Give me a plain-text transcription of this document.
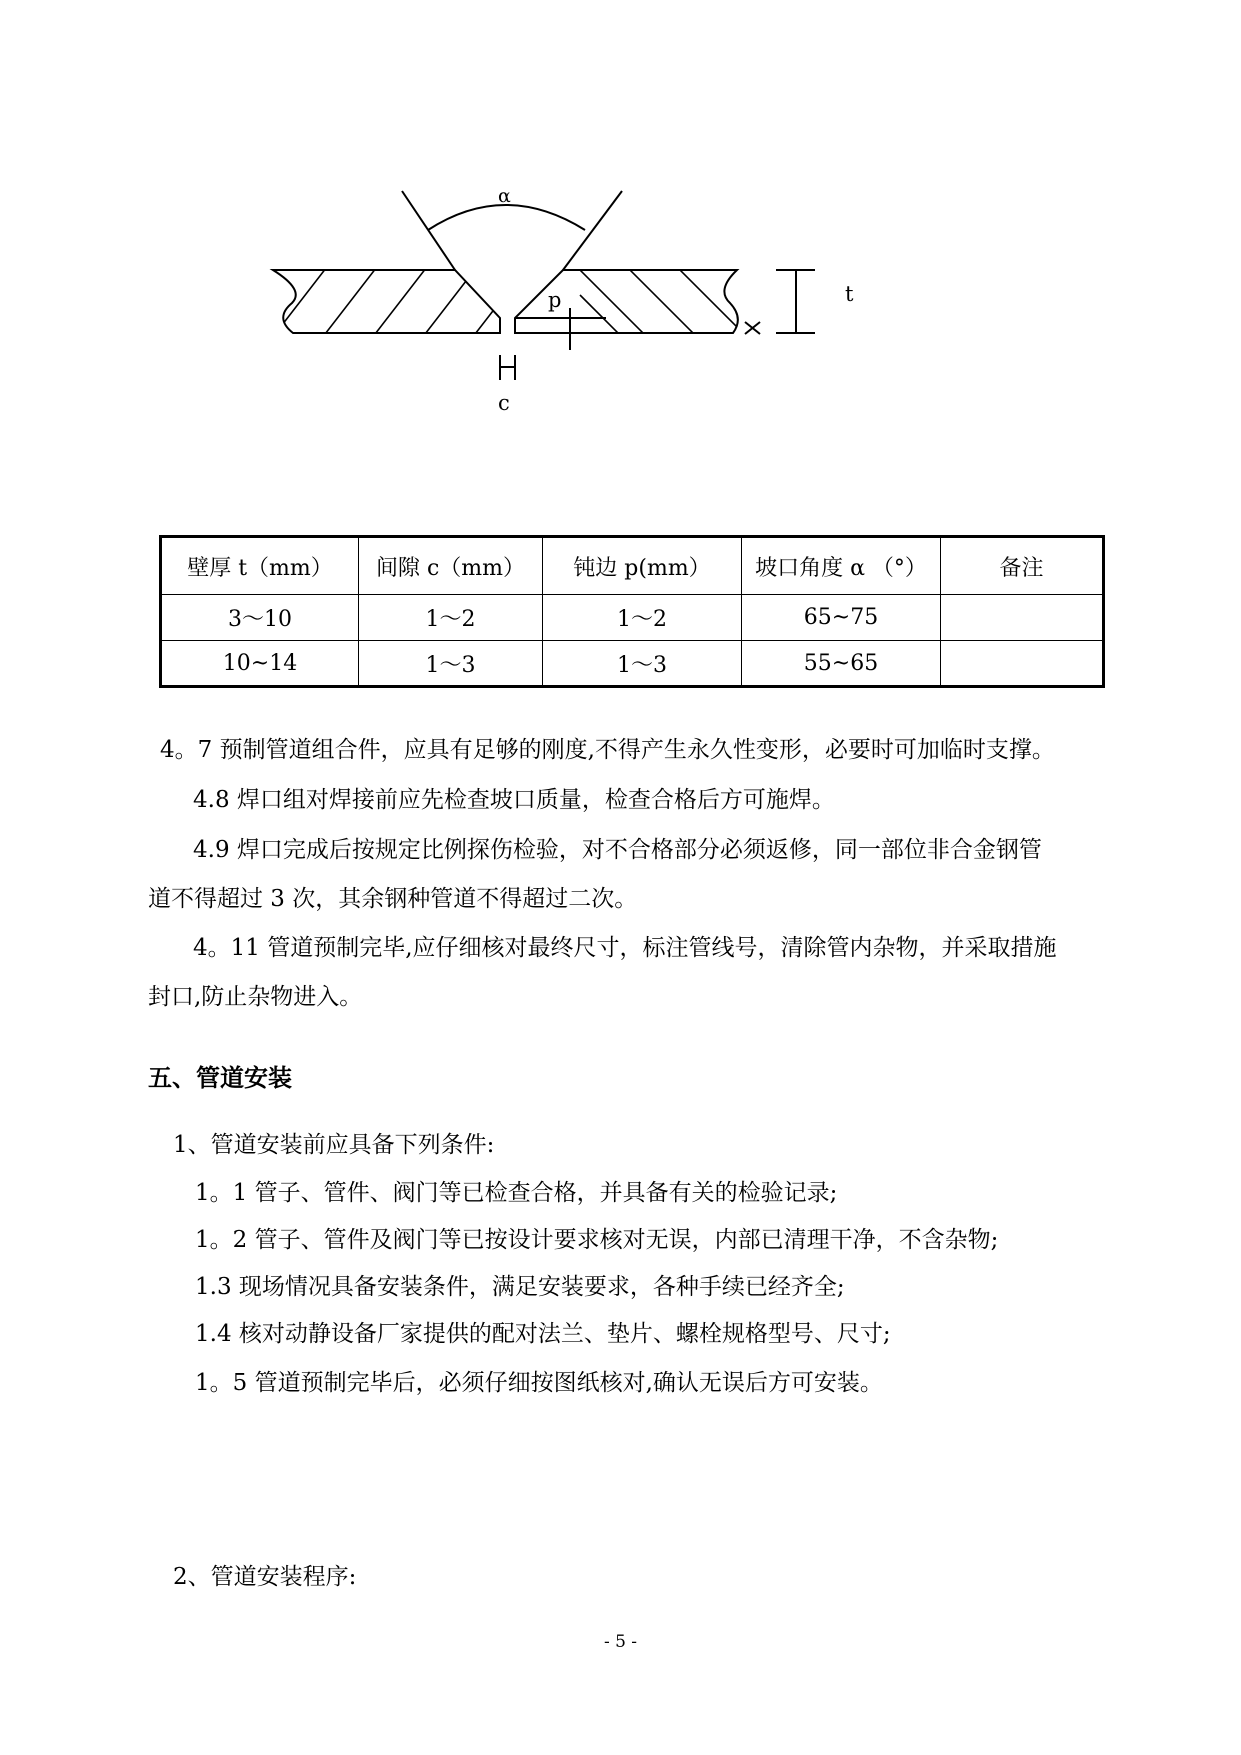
α
t
p
c
壁厚 t（mm）	间隙 c（mm）	钝边 p(mm）	坡口角度 α （°）	备注
3～10	1～2	1～2	65~75	
10~14	1～3	1～3	55~65	
4。7 预制管道组合件，应具有足够的刚度,不得产生永久性变形，必要时可加临时支撑。
4.8 焊口组对焊接前应先检查坡口质量，检查合格后方可施焊。
4.9 焊口完成后按规定比例探伤检验，对不合格部分必须返修，同一部位非合金钢管
道不得超过 3 次，其余钢种管道不得超过二次。
4。11 管道预制完毕,应仔细核对最终尺寸，标注管线号，清除管内杂物，并采取措施
封口,防止杂物进入。
五、管道安装
1、管道安装前应具备下列条件:
1。1 管子、管件、阀门等已检查合格，并具备有关的检验记录;
1。2 管子、管件及阀门等已按设计要求核对无误，内部已清理干净，不含杂物;
1.3 现场情况具备安装条件，满足安装要求，各种手续已经齐全;
1.4 核对动静设备厂家提供的配对法兰、垫片、螺栓规格型号、尺寸;
1。5 管道预制完毕后，必须仔细按图纸核对,确认无误后方可安装。
2、管道安装程序:
- 5 -
